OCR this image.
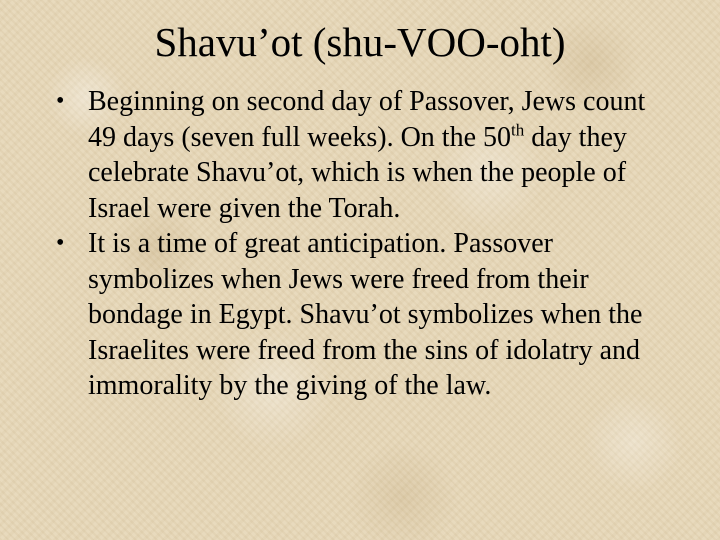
Shavu’ot (shu-VOO-oht)
• Beginning on second day of Passover, Jews count 49 days (seven full weeks). On the 50th day they celebrate Shavu’ot, which is when the people of Israel were given the Torah.
• It is a time of great anticipation. Passover symbolizes when Jews were freed from their bondage in Egypt. Shavu’ot symbolizes when the Israelites were freed from the sins of idolatry and immorality by the giving of the law.
